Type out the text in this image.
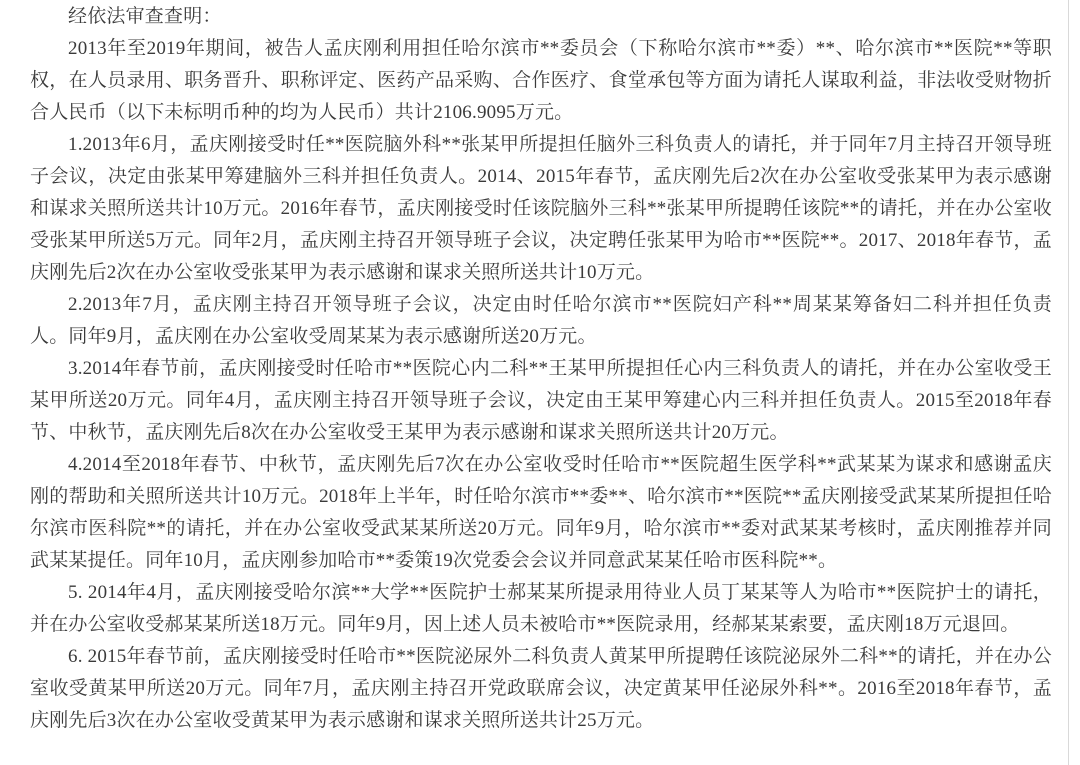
经依法审查查明：

2013年至2019年期间，被告人孟庆刚利用担任哈尔滨市**委员会（下称哈尔滨市**委）**、哈尔滨市**医院**等职权，在人员录用、职务晋升、职称评定、医药产品采购、合作医疗、食堂承包等方面为请托人谋取利益，非法收受财物折合人民币（以下未标明币种的均为人民币）共计2106.9095万元。

1.2013年6月，孟庆刚接受时任**医院脑外科**张某甲所提担任脑外三科负责人的请托，并于同年7月主持召开领导班子会议，决定由张某甲筹建脑外三科并担任负责人。2014、2015年春节，孟庆刚先后2次在办公室收受张某甲为表示感谢和谋求关照所送共计10万元。2016年春节，孟庆刚接受时任该院脑外三科**张某甲所提聘任该院**的请托，并在办公室收受张某甲所送5万元。同年2月，孟庆刚主持召开领导班子会议，决定聘任张某甲为哈市**医院**。2017、2018年春节，孟庆刚先后2次在办公室收受张某甲为表示感谢和谋求关照所送共计10万元。

2.2013年7月，孟庆刚主持召开领导班子会议，决定由时任哈尔滨市**医院妇产科**周某某筹备妇二科并担任负责人。同年9月，孟庆刚在办公室收受周某某为表示感谢所送20万元。

3.2014年春节前，孟庆刚接受时任哈市**医院心内二科**王某甲所提担任心内三科负责人的请托，并在办公室收受王某甲所送20万元。同年4月，孟庆刚主持召开领导班子会议，决定由王某甲筹建心内三科并担任负责人。2015至2018年春节、中秋节，孟庆刚先后8次在办公室收受王某甲为表示感谢和谋求关照所送共计20万元。

4.2014至2018年春节、中秋节，孟庆刚先后7次在办公室收受时任哈市**医院超生医学科**武某某为谋求和感谢孟庆刚的帮助和关照所送共计10万元。2018年上半年，时任哈尔滨市**委**、哈尔滨市**医院**孟庆刚接受武某某所提担任哈尔滨市医科院**的请托，并在办公室收受武某某所送20万元。同年9月，哈尔滨市**委对武某某考核时，孟庆刚推荐并同武某某提任。同年10月，孟庆刚参加哈市**委策19次党委会会议并同意武某某任哈市医科院**。

5. 2014年4月，孟庆刚接受哈尔滨**大学**医院护士郝某某所提录用待业人员丁某某等人为哈市**医院护士的请托，并在办公室收受郝某某所送18万元。同年9月，因上述人员未被哈市**医院录用，经郝某某索要，孟庆刚18万元退回。

6. 2015年春节前，孟庆刚接受时任哈市**医院泌尿外二科负责人黄某甲所提聘任该院泌尿外二科**的请托，并在办公室收受黄某甲所送20万元。同年7月，孟庆刚主持召开党政联席会议，决定黄某甲任泌尿外科**。2016至2018年春节，孟庆刚先后3次在办公室收受黄某甲为表示感谢和谋求关照所送共计25万元。
